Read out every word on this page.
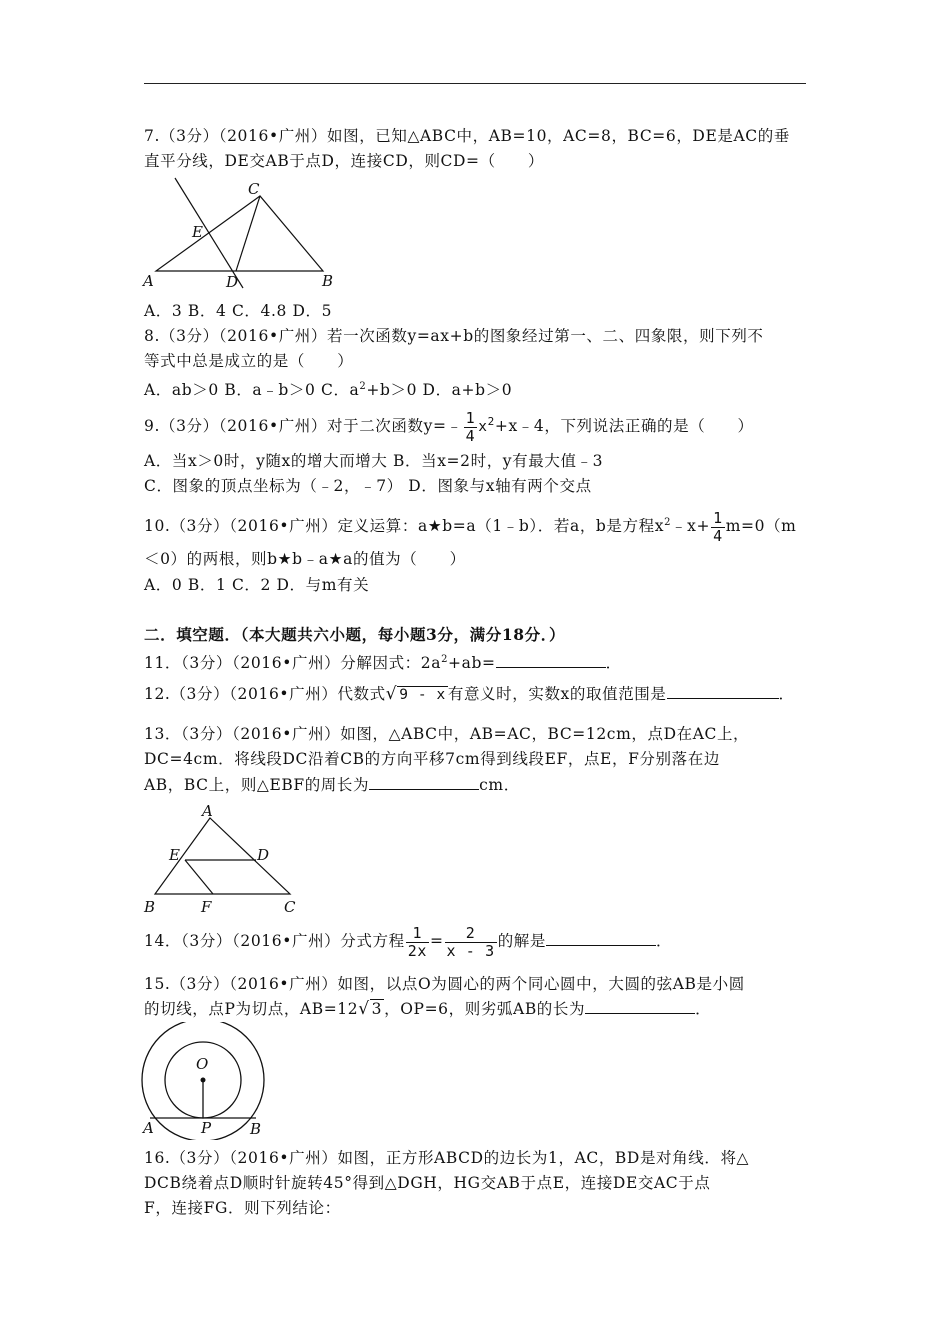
7.（3分）（2016•广州）如图，已知△ABC中，AB=10，AC=8，BC=6，DE是AC的垂
直平分线，DE交AB于点D，连接CD，则CD=（　　）
C
E
A	D	B
A．3 B．4 C．4.8 D．5
8.（3分）（2016•广州）若一次函数y=ax+b的图象经过第一、二、四象限，则下列不
等式中总是成立的是（　　）
A．ab＞0 B．a﹣b＞0 C．$a^2+b>0$ D．a+b＞0
9.（3分）（2016•广州）对于二次函数y=﹣ $\frac{1}{4}$ $x^2+x﹣4$，下列说法正确的是（　　）
A．当x＞0时，y随x的增大而增大 B．当x=2时，y有最大值﹣3
C．图象的顶点坐标为（﹣2，﹣7） D．图象与x轴有两个交点
10.（3分）（2016•广州）定义运算：a★b=a（1﹣b）．若a，b是方程$x^2﹣x+ \frac{1}{4} m=0(m$
＜0）的两根，则b★b﹣a★a的值为（　　）
A．0 B．1 C．2 D．与m有关
二．填空题．（本大题共六小题，每小题3分，满分18分．）
11．（3分）（2016•广州）分解因式：$2a^2+ab=$	．
12.（3分）（2016•广州）代数式√ 9 - x 有意义时，实数x的取值范围是	．
13．（3分）（2016•广州）如图，△ABC中，AB=AC，BC=12cm，点D在AC上，
DC=4cm．将线段DC沿着CB的方向平移7cm得到线段EF，点E，F分别落在边
AB，BC上，则△EBF的周长为	cm．
A
E	D
B	F	C
14．（3分）（2016•广州）分式方程 $\frac{1}{2x} = \frac{2}{x - 3}$ 的解是	．
15.（3分）（2016•广州）如图，以点O为圆心的两个同心圆中，大圆的弦AB是小圆
的切线，点P为切点，AB=12√ 3 ，OP=6，则劣弧AB的长为	．
O
A	P	B
16.（3分）（2016•广州）如图，正方形ABCD的边长为1，AC，BD是对角线．将△
DCB绕着点D顺时针旋转45°得到△DGH，HG交AB于点E，连接DE交AC于点
F，连接FG．则下列结论：
